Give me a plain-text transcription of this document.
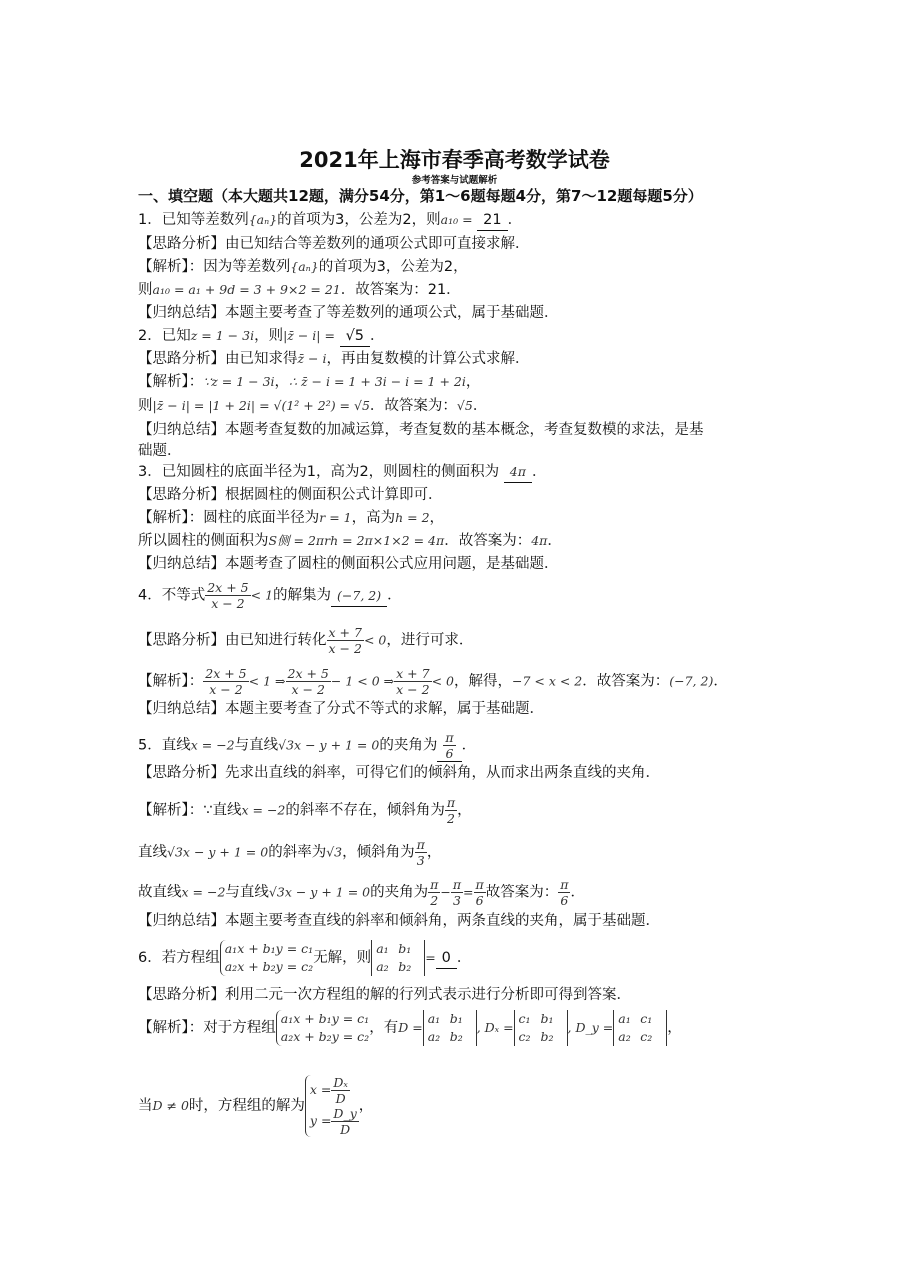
2021年上海市春季高考数学试卷
参考答案与试题解析
一、填空题（本大题共12题，满分54分，第1～6题每题4分，第7～12题每题5分）
1．已知等差数列{aₙ}的首项为3，公差为2，则a₁₀ = 21 ．
【思路分析】由已知结合等差数列的通项公式即可直接求解．
【解析】：因为等差数列{aₙ}的首项为3，公差为2，
则a₁₀ = a₁ + 9d = 3 + 9×2 = 21．故答案为：21．
【归纳总结】本题主要考查了等差数列的通项公式，属于基础题．
2．已知z = 1 − 3i，则|z̄ − i| = √5 ．
【思路分析】由已知求得z̄ − i，再由复数模的计算公式求解．
【解析】：∵z = 1 − 3i，∴ z̄ − i = 1 + 3i − i = 1 + 2i，
则|z̄ − i| = |1 + 2i| = √(1² + 2²) = √5．故答案为：√5．
【归纳总结】本题考查复数的加减运算，考查复数的基本概念，考查复数模的求法，是基
础题．
3．已知圆柱的底面半径为1，高为2，则圆柱的侧面积为 4π ．
【思路分析】根据圆柱的侧面积公式计算即可．
【解析】：圆柱的底面半径为r = 1，高为h = 2，
所以圆柱的侧面积为S侧 = 2πrh = 2π×1×2 = 4π．故答案为：4π．
【归纳总结】本题考查了圆柱的侧面积公式应用问题，是基础题．
4．不等式 $\frac{2x + 5}{x - 2} < 1$的解集为 (−7, 2) ．
【思路分析】由已知进行转化 $\frac{x + 7}{x - 2} < 0$，进行可求．
【解析】： $\frac{2x + 5}{x - 2} < 1$ ⇒ $\frac{2x + 5}{x - 2} - 1 < 0$ ⇒ $\frac{x + 7}{x - 2} < 0$，解得，−7 < x < 2．故答案为：(−7, 2)．
【归纳总结】本题主要考查了分式不等式的求解，属于基础题．
5．直线x = −2与直线√3x − y + 1 = 0的夹角为 $\frac{\pi}{6}$ ．
【思路分析】先求出直线的斜率，可得它们的倾斜角，从而求出两条直线的夹角．
【解析】：∵直线x = −2的斜率不存在，倾斜角为 $\frac{\pi}{2}$ ，
直线√3x − y + 1 = 0的斜率为√3，倾斜角为 $\frac{\pi}{3}$ ，
故直线x = −2与直线√3x − y + 1 = 0的夹角为 $\frac{\pi}{2} - \frac{\pi}{3} = \frac{\pi}{6}$ 故答案为： $\frac{\pi}{6}$ ．
【归纳总结】本题主要考查直线的斜率和倾斜角，两条直线的夹角，属于基础题．
6．若方程组a₁x + b₁y = c₁
a₂x + b₂y = c₂无解，则a₁ b₁
a₂ b₂= 0 ．
【思路分析】利用二元一次方程组的解的行列式表示进行分析即可得到答案．
【解析】：对于方程组a₁x + b₁y = c₁
a₂x + b₂y = c₂，有D =a₁ b₁
a₂ b₂, Dₓ =c₁ b₁
c₂ b₂, D_y =a₁ c₁
a₂ c₂，
当D ≠ 0时，方程组的解为$x = \frac{\text{Dₓ}}{D}$

$y = \frac{D\_y}{D}$ ，
